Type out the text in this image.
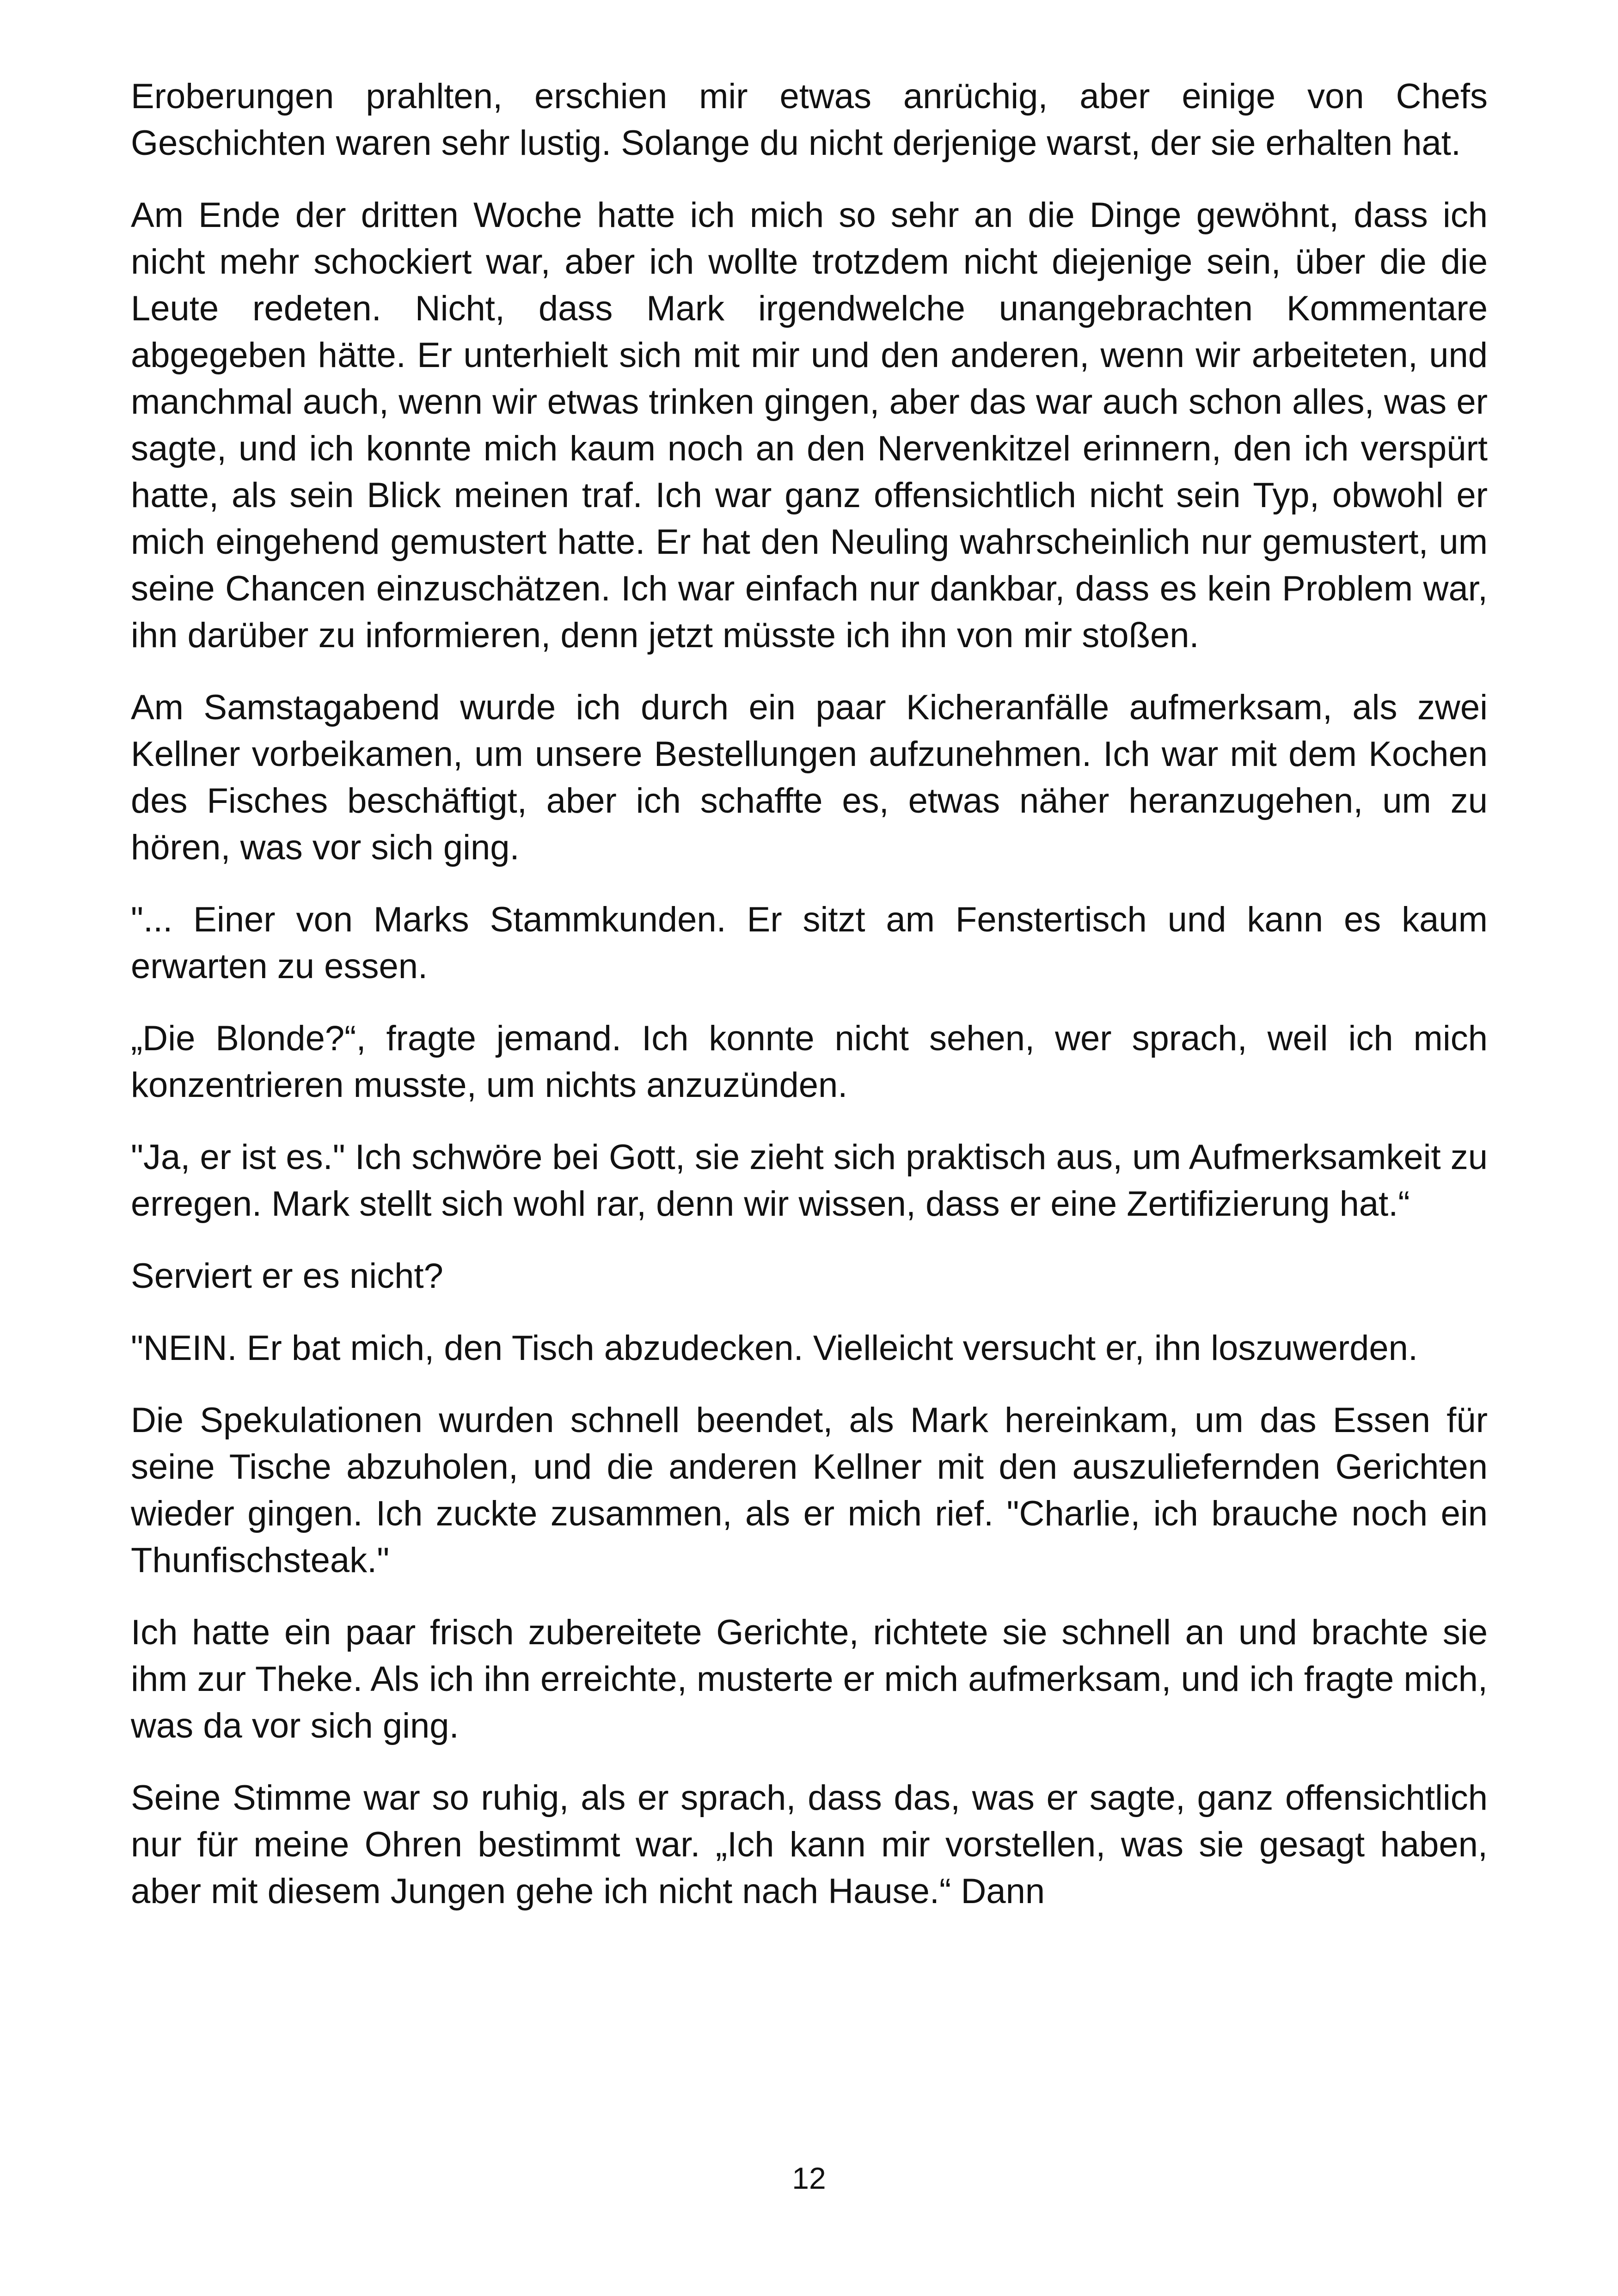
Eroberungen prahlten, erschien mir etwas anrüchig, aber einige von Chefs Geschichten waren sehr lustig. Solange du nicht derjenige warst, der sie erhalten hat.

Am Ende der dritten Woche hatte ich mich so sehr an die Dinge gewöhnt, dass ich nicht mehr schockiert war, aber ich wollte trotzdem nicht diejenige sein, über die die Leute redeten. Nicht, dass Mark irgendwelche unangebrachten Kommentare abgegeben hätte. Er unterhielt sich mit mir und den anderen, wenn wir arbeiteten, und manchmal auch, wenn wir etwas trinken gingen, aber das war auch schon alles, was er sagte, und ich konnte mich kaum noch an den Nervenkitzel erinnern, den ich verspürt hatte, als sein Blick meinen traf. Ich war ganz offensichtlich nicht sein Typ, obwohl er mich eingehend gemustert hatte. Er hat den Neuling wahrscheinlich nur gemustert, um seine Chancen einzuschätzen. Ich war einfach nur dankbar, dass es kein Problem war, ihn darüber zu informieren, denn jetzt müsste ich ihn von mir stoßen.

Am Samstagabend wurde ich durch ein paar Kicheranfälle aufmerksam, als zwei Kellner vorbeikamen, um unsere Bestellungen aufzunehmen. Ich war mit dem Kochen des Fisches beschäftigt, aber ich schaffte es, etwas näher heranzugehen, um zu hören, was vor sich ging.

"... Einer von Marks Stammkunden. Er sitzt am Fenstertisch und kann es kaum erwarten zu essen.

„Die Blonde?“, fragte jemand. Ich konnte nicht sehen, wer sprach, weil ich mich konzentrieren musste, um nichts anzuzünden.

"Ja, er ist es." Ich schwöre bei Gott, sie zieht sich praktisch aus, um Aufmerksamkeit zu erregen. Mark stellt sich wohl rar, denn wir wissen, dass er eine Zertifizierung hat.“

Serviert er es nicht?

"NEIN. Er bat mich, den Tisch abzudecken. Vielleicht versucht er, ihn loszuwerden.

Die Spekulationen wurden schnell beendet, als Mark hereinkam, um das Essen für seine Tische abzuholen, und die anderen Kellner mit den auszuliefernden Gerichten wieder gingen. Ich zuckte zusammen, als er mich rief. "Charlie, ich brauche noch ein Thunfischsteak."

Ich hatte ein paar frisch zubereitete Gerichte, richtete sie schnell an und brachte sie ihm zur Theke. Als ich ihn erreichte, musterte er mich aufmerksam, und ich fragte mich, was da vor sich ging.

Seine Stimme war so ruhig, als er sprach, dass das, was er sagte, ganz offensichtlich nur für meine Ohren bestimmt war. „Ich kann mir vorstellen, was sie gesagt haben, aber mit diesem Jungen gehe ich nicht nach Hause.“ Dann

12
